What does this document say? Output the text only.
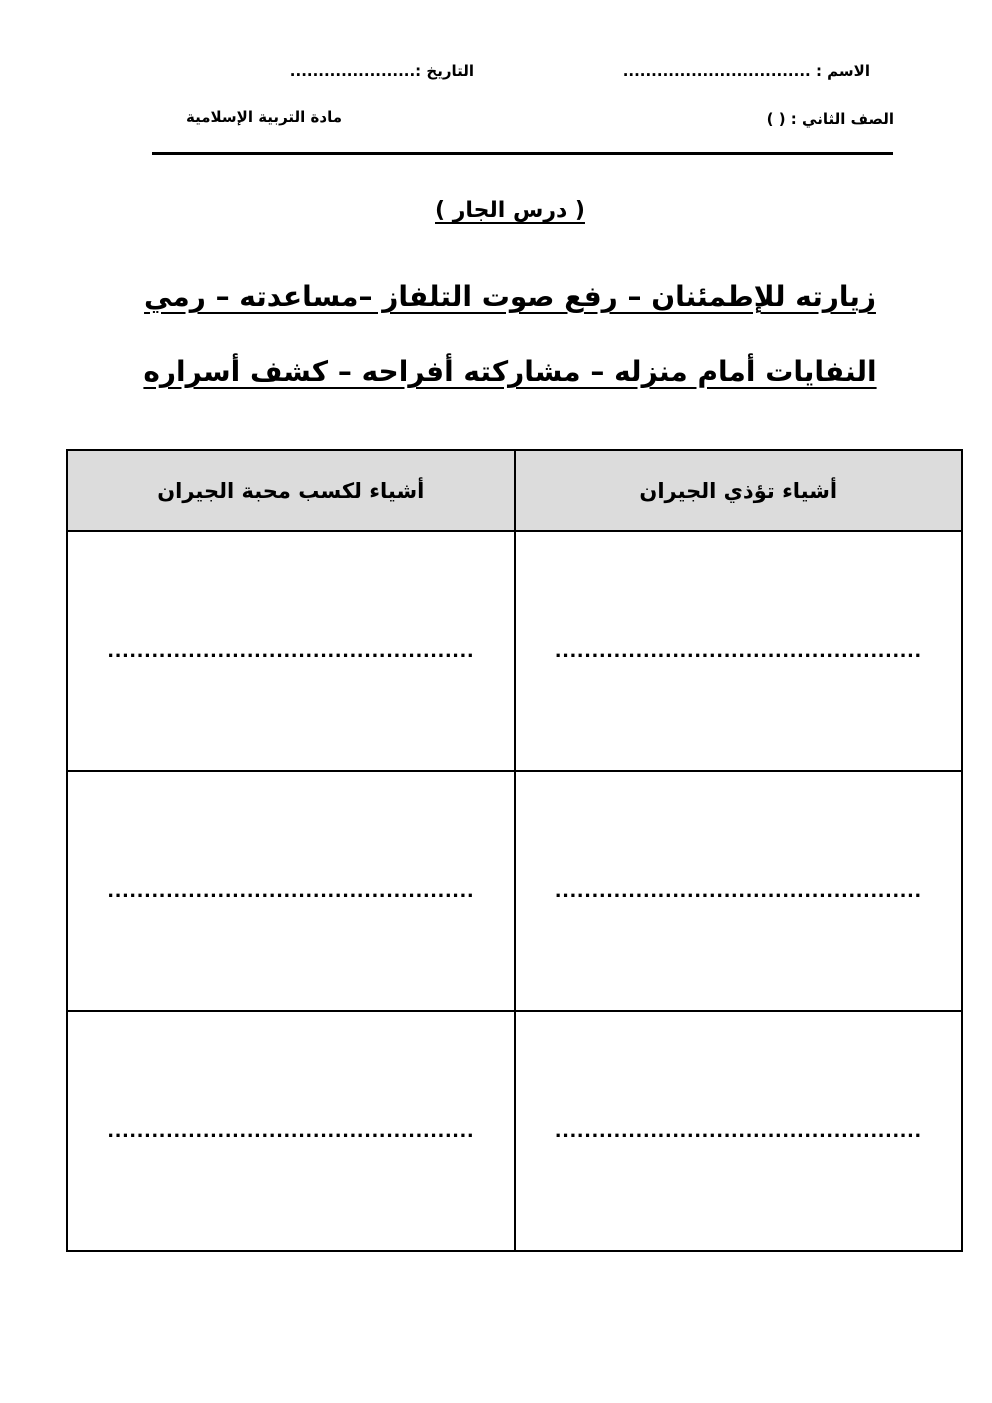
الاسم : .................................
التاريخ :......................
الصف الثاني : ( )
مادة التربية الإسلامية
( درس الجار )
زيارته للإطمئنان – رفع صوت التلفاز –مساعدته – رمي
النفايات أمام منزله – مشاركته أفراحه – كشف أسراره
أشياء تؤذي الجيران	أشياء لكسب محبة الجيران

..................................................	..................................................

..................................................	..................................................

..................................................	..................................................
